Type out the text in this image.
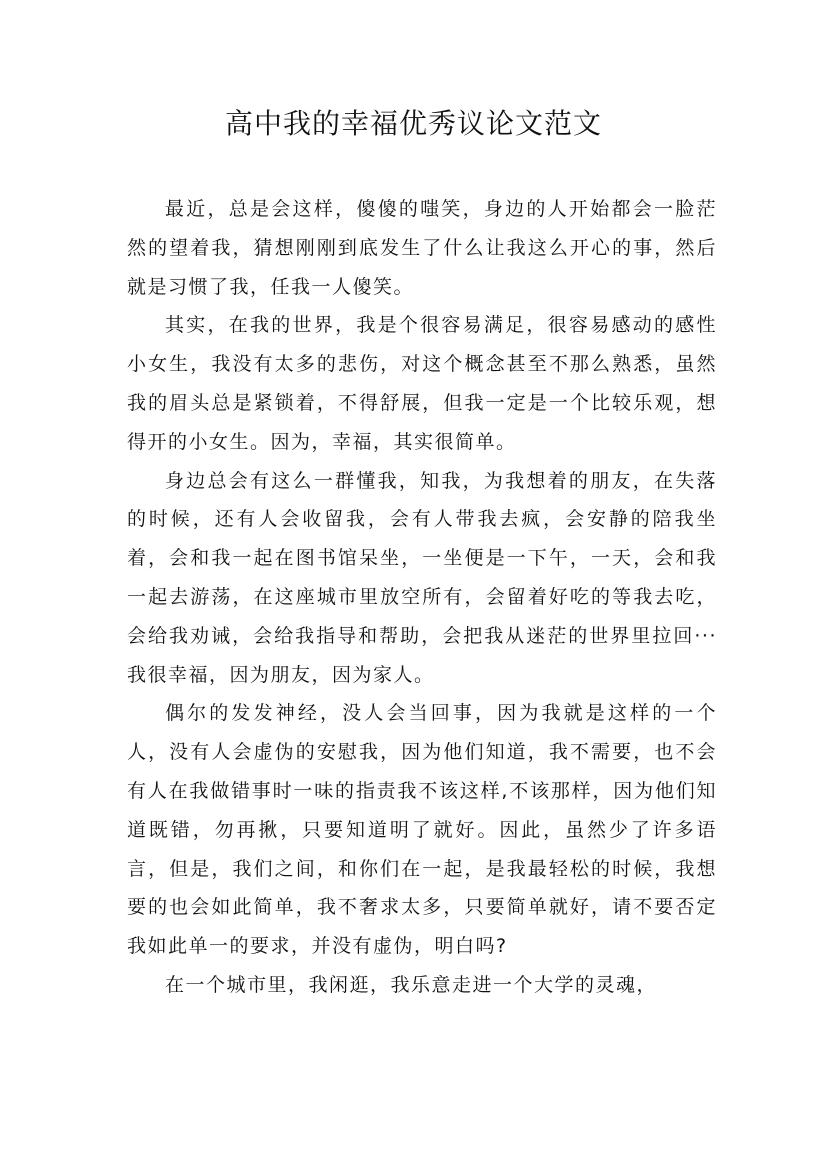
高中我的幸福优秀议论文范文

最近，总是会这样，傻傻的嗤笑，身边的人开始都会一脸茫然的望着我，猜想刚刚到底发生了什么让我这么开心的事，然后就是习惯了我，任我一人傻笑。

其实，在我的世界，我是个很容易满足，很容易感动的感性小女生，我没有太多的悲伤，对这个概念甚至不那么熟悉，虽然我的眉头总是紧锁着，不得舒展，但我一定是一个比较乐观，想得开的小女生。因为，幸福，其实很简单。

身边总会有这么一群懂我，知我，为我想着的朋友，在失落的时候，还有人会收留我，会有人带我去疯，会安静的陪我坐着，会和我一起在图书馆呆坐，一坐便是一下午，一天，会和我一起去游荡，在这座城市里放空所有，会留着好吃的等我去吃，会给我劝诫，会给我指导和帮助，会把我从迷茫的世界里拉回···我很幸福，因为朋友，因为家人。

偶尔的发发神经，没人会当回事，因为我就是这样的一个人，没有人会虚伪的安慰我，因为他们知道，我不需要，也不会有人在我做错事时一味的指责我不该这样,不该那样，因为他们知道既错，勿再揪，只要知道明了就好。因此，虽然少了许多语言，但是，我们之间，和你们在一起，是我最轻松的时候，我想要的也会如此简单，我不奢求太多，只要简单就好，请不要否定我如此单一的要求，并没有虚伪，明白吗?

在一个城市里，我闲逛，我乐意走进一个大学的灵魂，
